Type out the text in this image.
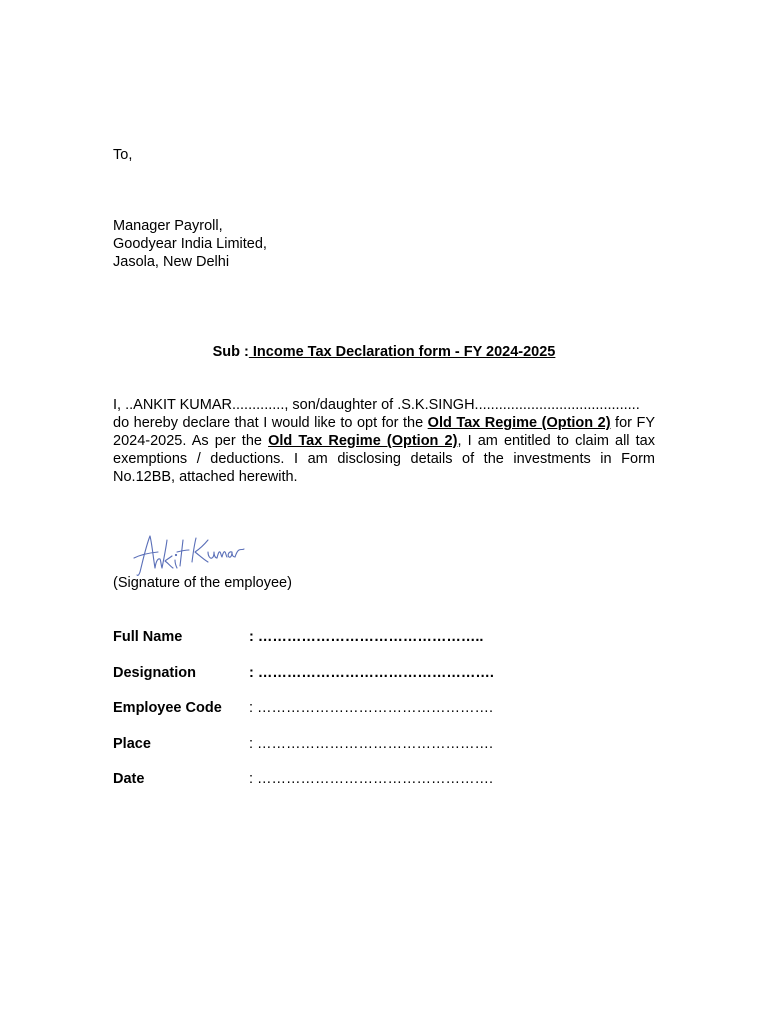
To,
Manager Payroll,
Goodyear India Limited,
Jasola, New Delhi
Sub : Income Tax Declaration form - FY 2024-2025
I, ..ANKIT KUMAR............., son/daughter of .S.K.SINGH.........................................
do hereby declare that I would like to opt for the Old Tax Regime (Option 2) for FY 2024-2025. As per the Old Tax Regime (Option 2), I am entitled to claim all tax exemptions / deductions. I am disclosing details of the investments in Form No.12BB, attached herewith.
(Signature of the employee)
Full Name	: ………………………………………..
Designation	: ………………………………………….
Employee Code : ………………………………………….
Place	: ………………………………………….
Date	: ………………………………………….
